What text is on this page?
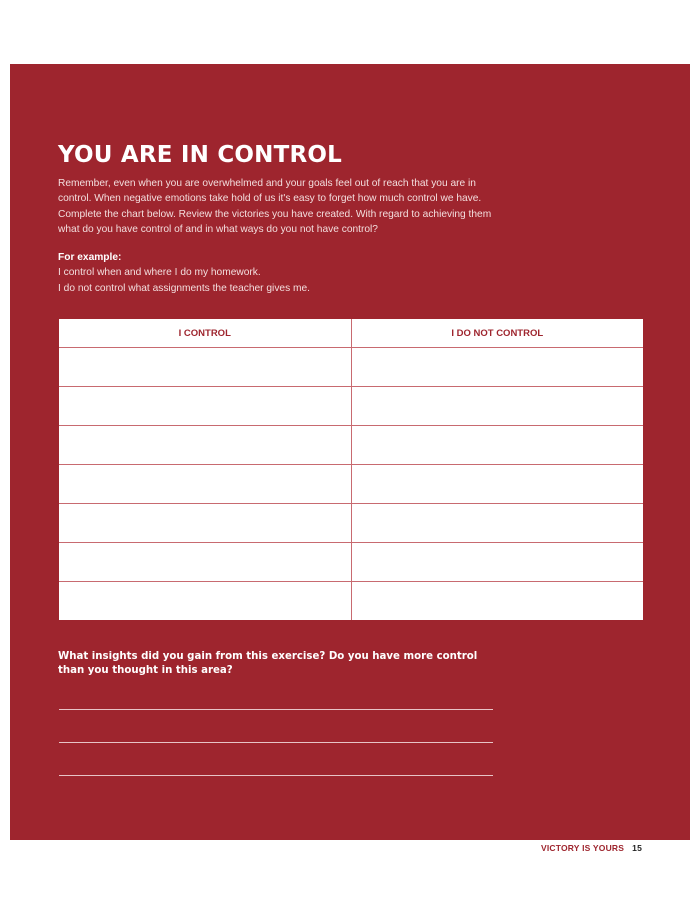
YOU ARE IN CONTROL

Remember, even when you are overwhelmed and your goals feel out of reach that you are in control. When negative emotions take hold of us it's easy to forget how much control we have. Complete the chart below. Review the victories you have created. With regard to achieving them what do you have control of and in what ways do you not have control?

For example:
I control when and where I do my homework.
I do not control what assignments the teacher gives me.
I CONTROL	I DO NOT CONTROL

What insights did you gain from this exercise? Do you have more control than you thought in this area?

VICTORY IS YOURS 15
